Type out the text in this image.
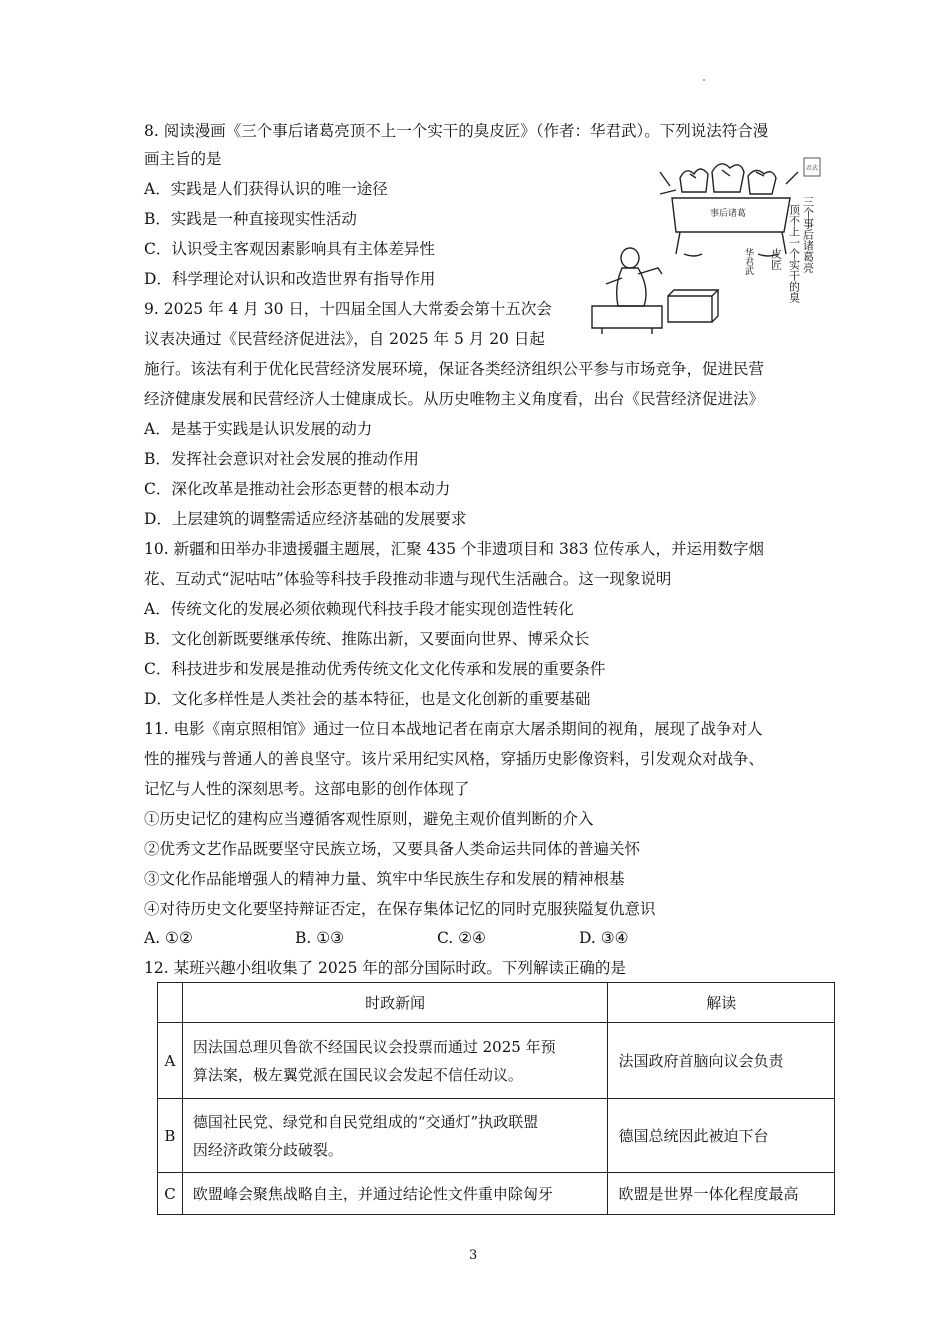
8. 阅读漫画《三个事后诸葛亮顶不上一个实干的臭皮匠》（作者：华君武）。下列说法符合漫
画主旨的是
A．实践是人们获得认识的唯一途径
B．实践是一种直接现实性活动
C．认识受主客观因素影响具有主体差异性
D．科学理论对认识和改造世界有指导作用
事后诸葛	三个事后诸葛亮
顶不上一个实干的臭
皮匠
华君武
君武
9. 2025 年 4 月 30 日，十四届全国人大常委会第十五次会
议表决通过《民营经济促进法》，自 2025 年 5 月 20 日起
施行。该法有利于优化民营经济发展环境，保证各类经济组织公平参与市场竞争，促进民营
经济健康发展和民营经济人士健康成长。从历史唯物主义角度看，出台《民营经济促进法》
A．是基于实践是认识发展的动力
B．发挥社会意识对社会发展的推动作用
C．深化改革是推动社会形态更替的根本动力
D．上层建筑的调整需适应经济基础的发展要求
10. 新疆和田举办非遗援疆主题展，汇聚 435 个非遗项目和 383 位传承人，并运用数字烟
花、互动式“泥咕咕”体验等科技手段推动非遗与现代生活融合。这一现象说明
A．传统文化的发展必须依赖现代科技手段才能实现创造性转化
B．文化创新既要继承传统、推陈出新，又要面向世界、博采众长
C．科技进步和发展是推动优秀传统文化文化传承和发展的重要条件
D．文化多样性是人类社会的基本特征，也是文化创新的重要基础
11. 电影《南京照相馆》通过一位日本战地记者在南京大屠杀期间的视角，展现了战争对人
性的摧残与普通人的善良坚守。该片采用纪实风格，穿插历史影像资料，引发观众对战争、
记忆与人性的深刻思考。这部电影的创作体现了
①历史记忆的建构应当遵循客观性原则，避免主观价值判断的介入
②优秀文艺作品既要坚守民族立场，又要具备人类命运共同体的普遍关怀
③文化作品能增强人的精神力量、筑牢中华民族生存和发展的精神根基
④对待历史文化要坚持辩证否定，在保存集体记忆的同时克服狭隘复仇意识
A. ①②	B. ①③	C. ②④	D. ③④
12. 某班兴趣小组收集了 2025 年的部分国际时政。下列解读正确的是
	时政新闻	解读
A	因法国总理贝鲁欲不经国民议会投票而通过 2025 年预
算法案，极左翼党派在国民议会发起不信任动议。	法国政府首脑向议会负责
B	德国社民党、绿党和自民党组成的“交通灯”执政联盟
因经济政策分歧破裂。	德国总统因此被迫下台
C	欧盟峰会聚焦战略自主，并通过结论性文件重申除匈牙	欧盟是世界一体化程度最高
3
